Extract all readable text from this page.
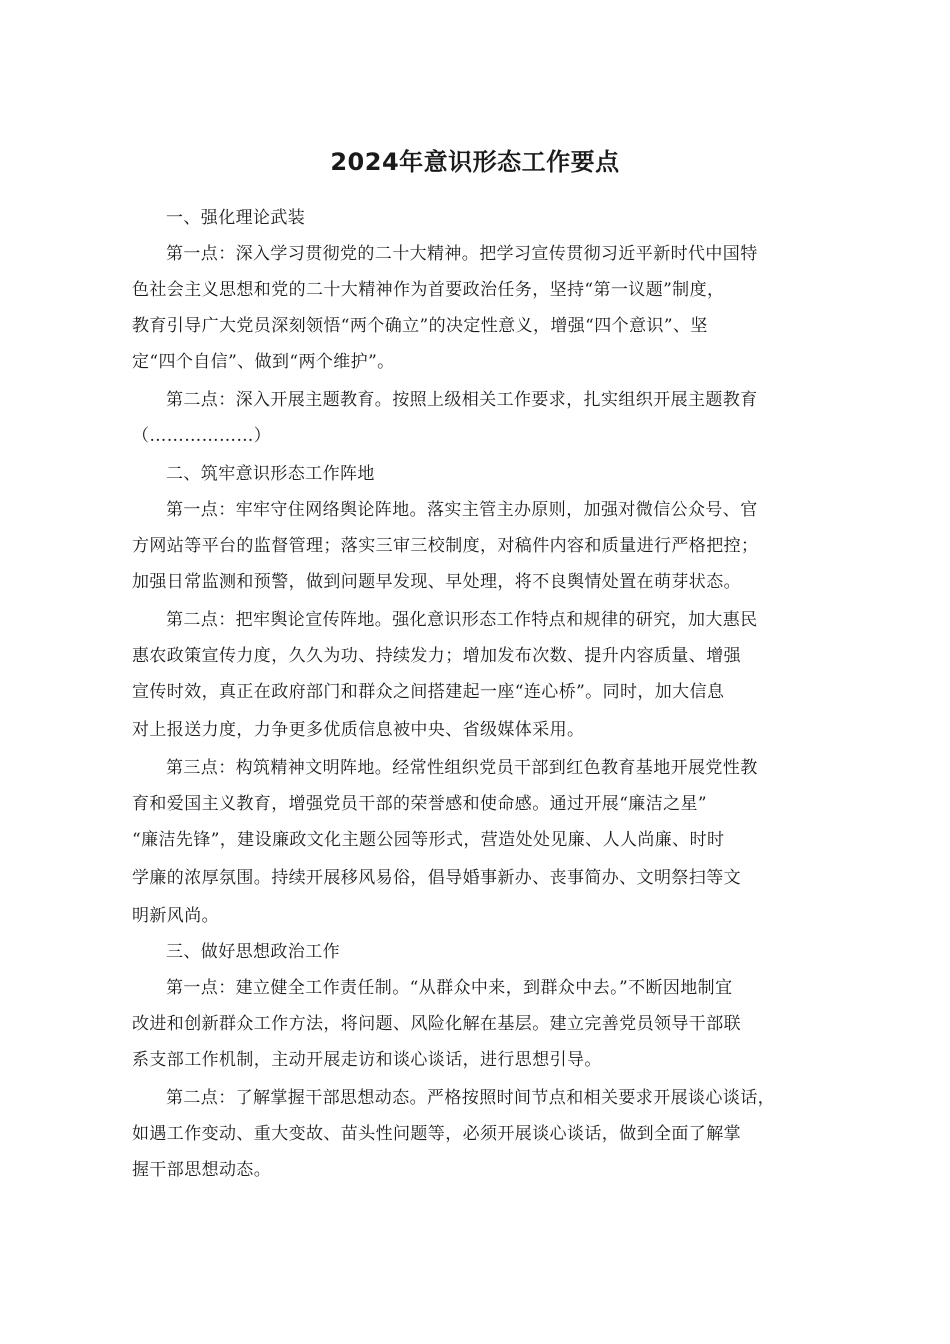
2024年意识形态工作要点
一、强化理论武装
第一点：深入学习贯彻党的二十大精神。把学习宣传贯彻习近平新时代中国特
色社会主义思想和党的二十大精神作为首要政治任务，坚持“第一议题”制度，
教育引导广大党员深刻领悟“两个确立”的决定性意义，增强“四个意识”、坚
定“四个自信”、做到“两个维护”。
第二点：深入开展主题教育。按照上级相关工作要求，扎实组织开展主题教育
（………………）
二、筑牢意识形态工作阵地
第一点：牢牢守住网络舆论阵地。落实主管主办原则，加强对微信公众号、官
方网站等平台的监督管理；落实三审三校制度，对稿件内容和质量进行严格把控；
加强日常监测和预警，做到问题早发现、早处理，将不良舆情处置在萌芽状态。
第二点：把牢舆论宣传阵地。强化意识形态工作特点和规律的研究，加大惠民
惠农政策宣传力度，久久为功、持续发力；增加发布次数、提升内容质量、增强
宣传时效，真正在政府部门和群众之间搭建起一座“连心桥”。同时，加大信息
对上报送力度，力争更多优质信息被中央、省级媒体采用。
第三点：构筑精神文明阵地。经常性组织党员干部到红色教育基地开展党性教
育和爱国主义教育，增强党员干部的荣誉感和使命感。通过开展“廉洁之星”
“廉洁先锋”，建设廉政文化主题公园等形式，营造处处见廉、人人尚廉、时时
学廉的浓厚氛围。持续开展移风易俗，倡导婚事新办、丧事简办、文明祭扫等文
明新风尚。
三、做好思想政治工作
第一点：建立健全工作责任制。“从群众中来，到群众中去。”不断因地制宜
改进和创新群众工作方法，将问题、风险化解在基层。建立完善党员领导干部联
系支部工作机制，主动开展走访和谈心谈话，进行思想引导。
第二点：了解掌握干部思想动态。严格按照时间节点和相关要求开展谈心谈话，
如遇工作变动、重大变故、苗头性问题等，必须开展谈心谈话，做到全面了解掌
握干部思想动态。
